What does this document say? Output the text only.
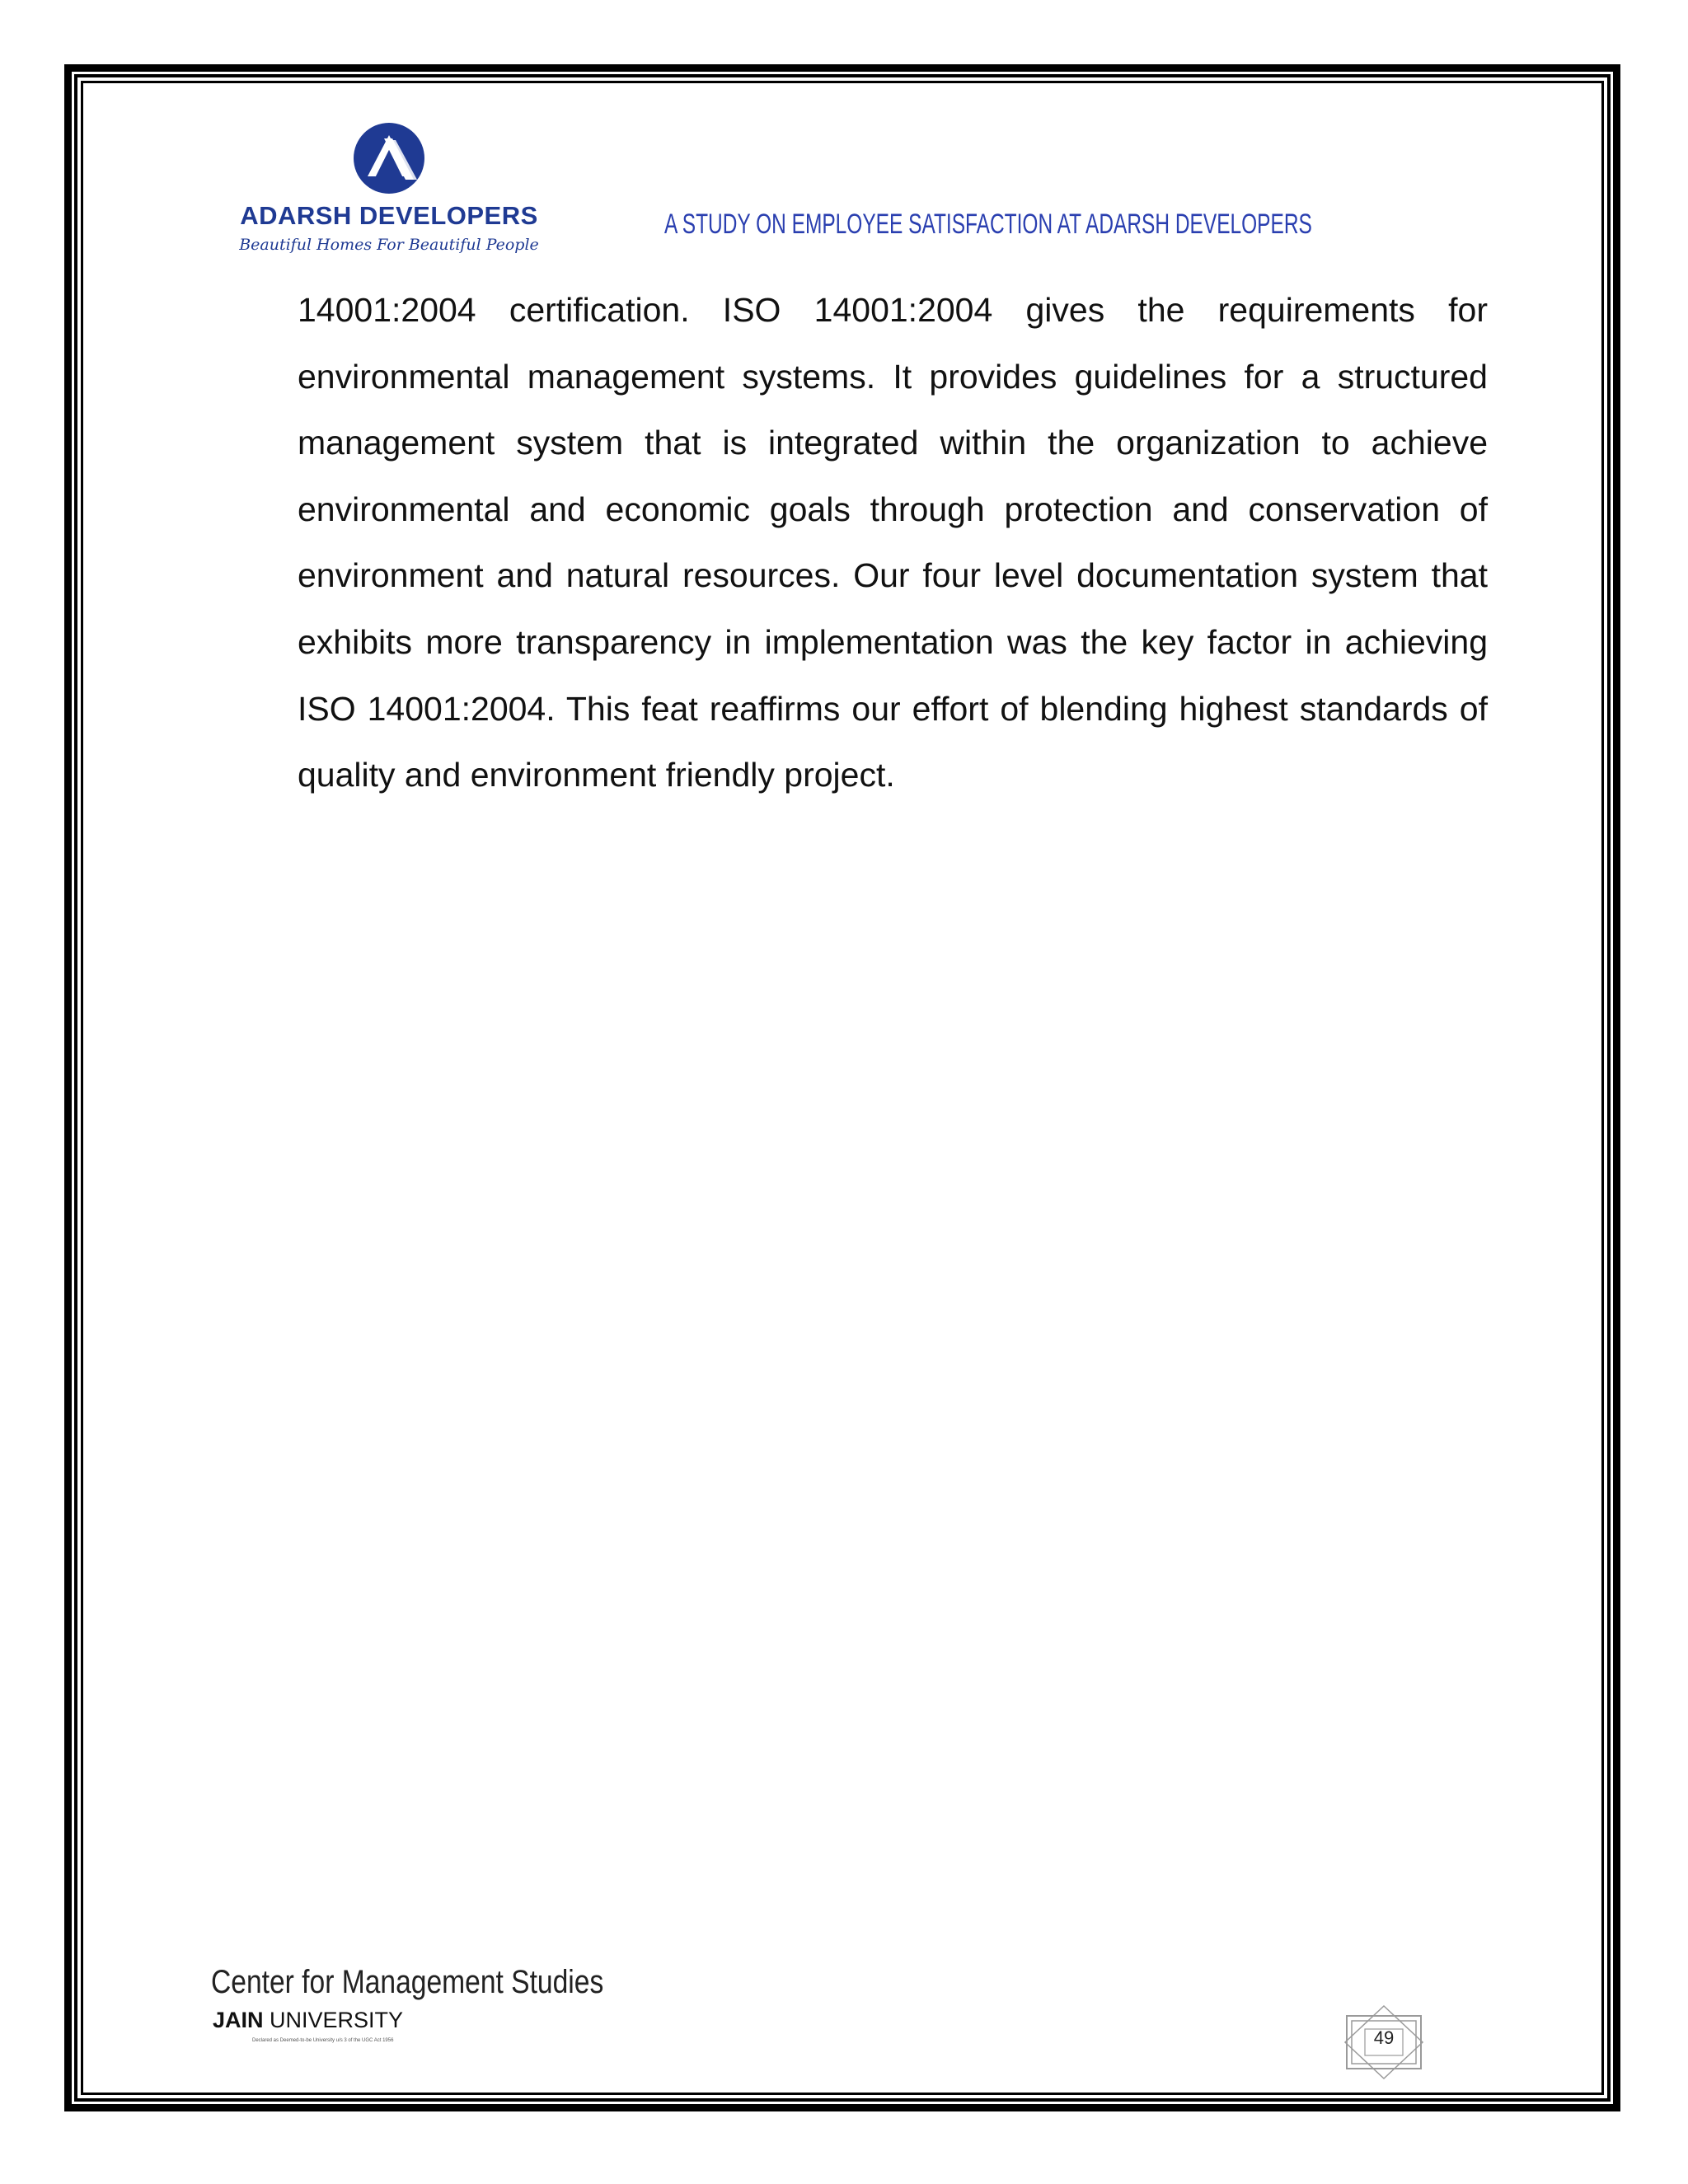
ADARSH DEVELOPERS
Beautiful Homes For Beautiful People
A STUDY ON EMPLOYEE SATISFACTION AT ADARSH DEVELOPERS

14001:2004 certification. ISO 14001:2004 gives the requirements for environmental management systems. It provides guidelines for a structured management system that is integrated within the organization to achieve environmental and economic goals through protection and conservation of environment and natural resources. Our four level documentation system that exhibits more transparency in implementation was the key factor in achieving ISO 14001:2004. This feat reaffirms our effort of blending highest standards of quality and environment friendly project.

Center for Management Studies
JAIN UNIVERSITY
Declared as Deemed-to-be University u/s 3 of the UGC Act 1956	49
